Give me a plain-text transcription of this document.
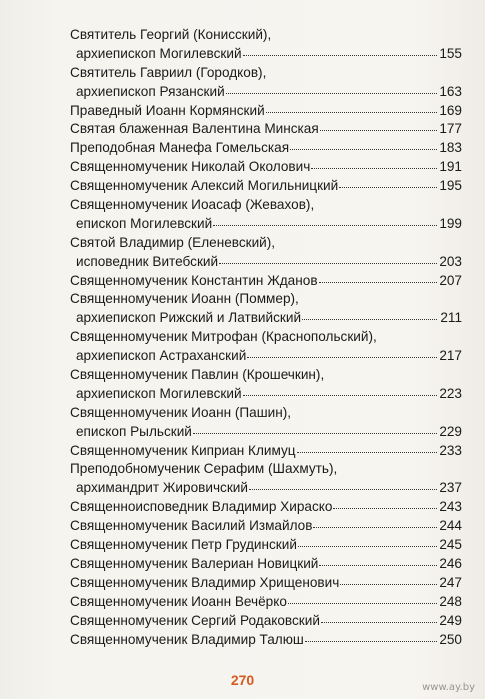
Святитель Георгий (Конисский),
архиепископ Могилевский	155
Святитель Гавриил (Городков),
архиепископ Рязанский	163
Праведный Иоанн Кормянский	169
Святая блаженная Валентина Минская	177
Преподобная Манефа Гомельская	183
Священномученик Николай Околович	191
Священномученик Алексий Могильницкий	195
Священномученик Иоасаф (Жевахов),
епископ Могилевский	199
Святой Владимир (Еленевский),
исповедник Витебский	203
Священномученик Константин Жданов	207
Священномученик Иоанн (Поммер),
архиепископ Рижский и Латвийский	211
Священномученик Митрофан (Краснопольский),
архиепископ Астраханский	217
Священномученик Павлин (Крошечкин),
архиепископ Могилевский	223
Священномученик Иоанн (Пашин),
епископ Рыльский	229
Священномученик Киприан Климуц	233
Преподобномученик Серафим (Шахмуть),
архимандрит Жировичский	237
Священноисповедник Владимир Хираско	243
Священномученик Василий Измайлов	244
Священномученик Петр Грудинский	245
Священномученик Валериан Новицкий	246
Священномученик Владимир Хрищенович	247
Священномученик Иоанн Вечёрко	248
Священномученик Сергий Родаковский	249
Священномученик Владимир Талюш	250
270	www.ay.by
